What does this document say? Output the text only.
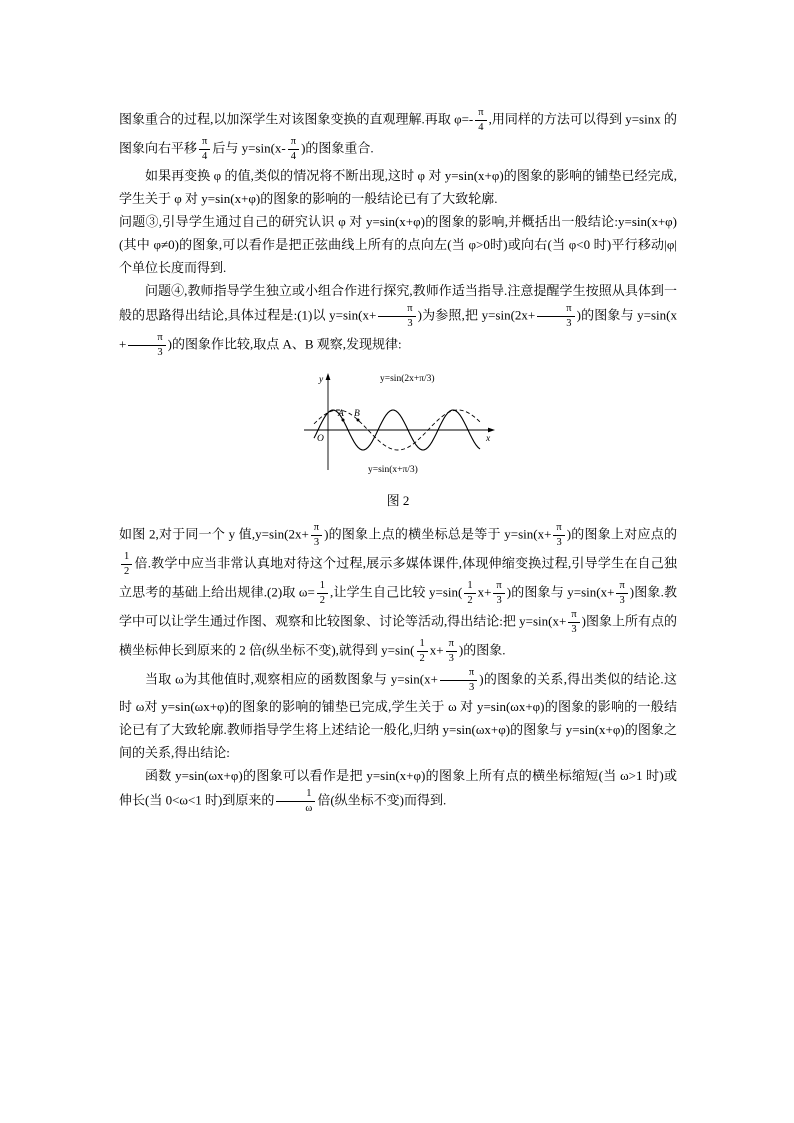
图象重合的过程,以加深学生对该图象变换的直观理解.再取 $\varphi=- \frac{\pi}{4}$ ,用同样的方法可以得到 y=sinx 的图象向右平移 $\frac{\pi}{4}$ 后与 $y=\sin(x- \frac{\pi}{4}$ )的图象重合.

如果再变换 φ 的值,类似的情况将不断出现,这时 φ 对 y=sin(x+φ)的图象的影响的铺垫已经完成,学生关于 φ 对 y=sin(x+φ)的图象的影响的一般结论已有了大致轮廓.

问题③,引导学生通过自己的研究认识 φ 对 y=sin(x+φ)的图象的影响,并概括出一般结论:y=sin(x+φ)(其中 φ≠0)的图象,可以看作是把正弦曲线上所有的点向左(当 φ>0时)或向右(当 φ<0 时)平行移动|φ|个单位长度而得到.

问题④,教师指导学生独立或小组合作进行探究,教师作适当指导.注意提醒学生按照从具体到一般的思路得出结论,具体过程是:(1)以 $y=\sin(x+ \frac{\pi}{3}$ )为参照,把 $y=\sin(2x+ \frac{\pi}{3}$ )的图象与 $y=\sin(x+ \frac{\pi}{3}$ )的图象作比较,取点 A、B 观察,发现规律:

y
x
O
A B
y=sin(2x+π/3)
y=sin(x+π/3)
图 2

如图 2,对于同一个 y 值$,y=\sin(2x+ \frac{\pi}{3}$ )的图象上点的横坐标总是等于 $y=\sin(x+ \frac{\pi}{3}$ )的图象上对应点的
$\frac{1}{2}$ 倍.教学中应当非常认真地对待这个过程,展示多媒体课件,体现伸缩变换过程,引导学生在自己独立思考的基础上给出规律.(2)取 $\omega= \frac{1}{2}$ ,让学生自己比较 $y=\sin( \frac{1}{2} x+ \frac{\pi}{3}$ )的图象与 $y=\sin(x+ \frac{\pi}{3}$ )图象.教学中可以让学生通过作图、观察和比较图象、讨论等活动,得出结论:把 $y=\sin(x+ \frac{\pi}{3}$ )图象上所有点的横坐标伸长到原来的 2 倍(纵坐标不变),就得到 $y=\sin( \frac{1}{2} x+ \frac{\pi}{3}$ )的图象.

当取 ω为其他值时,观察相应的函数图象与 $y=\sin(x+ \frac{\pi}{3}$ )的图象的关系,得出类似的结论.这时 ω对 y=sin(ωx+φ)的图象的影响的铺垫已完成,学生关于 ω 对 y=sin(ωx+φ)的图象的影响的一般结论已有了大致轮廓.教师指导学生将上述结论一般化,归纳 y=sin(ωx+φ)的图象与 y=sin(x+φ)的图象之间的关系,得出结论:

函数 y=sin(ωx+φ)的图象可以看作是把 y=sin(x+φ)的图象上所有点的横坐标缩短(当 ω>1 时)或伸长(当 0<ω<1 时)到原来的 $\frac{1}{\omega}$ 倍(纵坐标不变)而得到.
